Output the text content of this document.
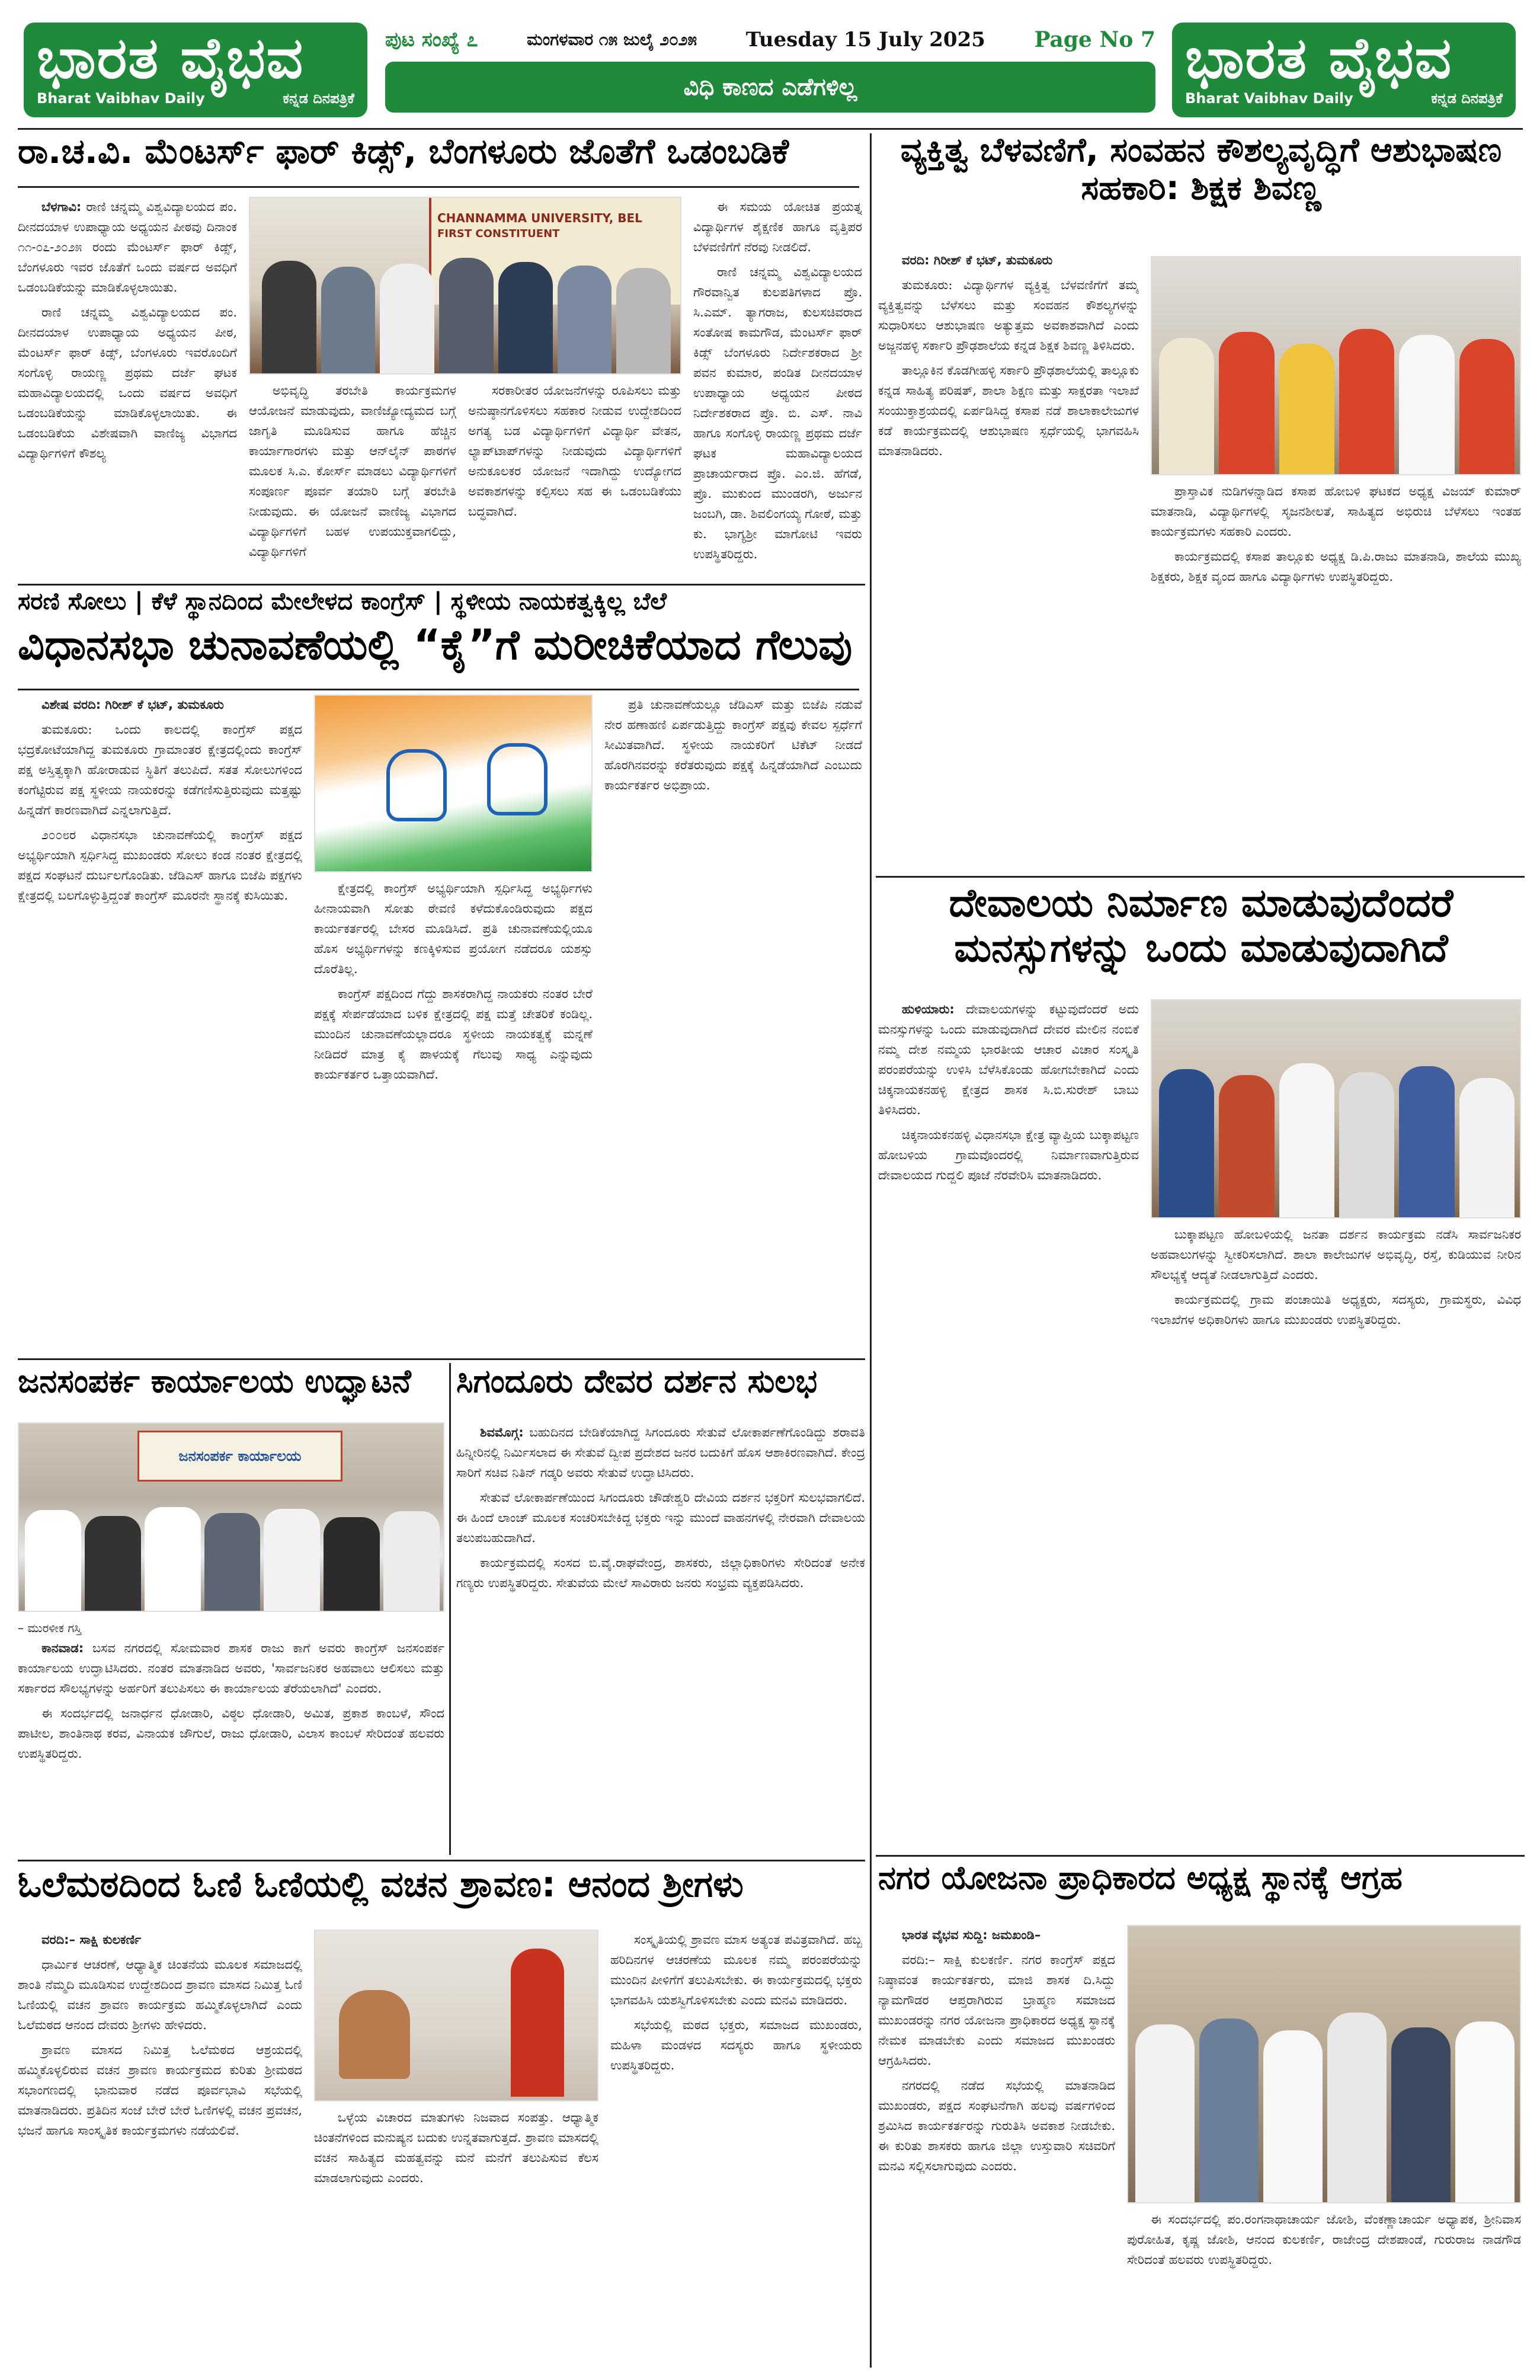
ಭಾರತ ವೈಭವ
Bharat Vaibhav Daily	ಕನ್ನಡ ದಿನಪತ್ರಿಕೆ
ಪುಟ ಸಂಖ್ಯೆ ೭	ಮಂಗಳವಾರ ೧೫ ಜುಲೈ ೨೦೨೫ Tuesday 15 July 2025 Page No 7
ವಿಧಿ ಕಾಣದ ಎಡೆಗಳಿಲ್ಲ	ಭಾರತ ವೈಭವ
Bharat Vaibhav Daily	ಕನ್ನಡ ದಿನಪತ್ರಿಕೆ
ರಾ.ಚ.ವಿ. ಮೆಂಟರ್ಸ್ ಫಾರ್ ಕಿಡ್ಸ್, ಬೆಂಗಳೂರು ಜೊತೆಗೆ ಒಡಂಬಡಿಕೆ

ಬೆಳಗಾವಿ: ರಾಣಿ ಚನ್ನಮ್ಮ ವಿಶ್ವವಿದ್ಯಾಲಯದ ಪಂ. ದೀನದಯಾಳ ಉಪಾಧ್ಯಾಯ ಅಧ್ಯಯನ ಪೀಠವು ದಿನಾಂಕ ೧೧-೦೭-೨೦೨೫ ರಂದು ಮೆಂಟರ್ಸ್ ಫಾರ್ ಕಿಡ್ಸ್, ಬೆಂಗಳೂರು ಇವರ ಜೊತೆಗೆ ಒಂದು ವರ್ಷದ ಅವಧಿಗೆ ಒಡಂಬಡಿಕೆಯನ್ನು ಮಾಡಿಕೊಳ್ಳಲಾಯಿತು.

ರಾಣಿ ಚನ್ನಮ್ಮ ವಿಶ್ವವಿದ್ಯಾಲಯದ ಪಂ. ದೀನದಯಾಳ ಉಪಾಧ್ಯಾಯ ಅಧ್ಯಯನ ಪೀಠ, ಮೆಂಟರ್ಸ್ ಫಾರ್ ಕಿಡ್ಸ್, ಬೆಂಗಳೂರು ಇವರೊಂದಿಗೆ ಸಂಗೊಳ್ಳಿ ರಾಯಣ್ಣ ಪ್ರಥಮ ದರ್ಜೆ ಘಟಕ ಮಹಾವಿದ್ಯಾಲಯದಲ್ಲಿ ಒಂದು ವರ್ಷದ ಅವಧಿಗೆ ಒಡಂಬಡಿಕೆಯನ್ನು ಮಾಡಿಕೊಳ್ಳಲಾಯಿತು. ಈ ಒಡಂಬಡಿಕೆಯ ವಿಶೇಷವಾಗಿ ವಾಣಿಜ್ಯ ವಿಭಾಗದ ವಿದ್ಯಾರ್ಥಿಗಳಿಗೆ ಕೌಶಲ್ಯ

CHANNAMMA UNIVERSITY, BEL
FIRST CONSTITUENT

ಅಭಿವೃದ್ಧಿ ತರಬೇತಿ ಕಾರ್ಯಕ್ರಮಗಳ ಆಯೋಜನೆ ಮಾಡುವುದು, ವಾಣಿಜ್ಯೋದ್ಯಮದ ಬಗ್ಗೆ ಜಾಗೃತಿ ಮೂಡಿಸುವ ಹಾಗೂ ಹೆಚ್ಚಿನ ಕಾರ್ಯಾಗಾರಗಳು ಮತ್ತು ಆನ್‌ಲೈನ್ ಪಾಠಗಳ ಮೂಲಕ ಸಿ.ಎ. ಕೋರ್ಸ್ ಮಾಡಲು ವಿದ್ಯಾರ್ಥಿಗಳಿಗೆ ಸಂಪೂರ್ಣ ಪೂರ್ವ ತಯಾರಿ ಬಗ್ಗೆ ತರಬೇತಿ ನೀಡುವುದು. ಈ ಯೋಜನೆ ವಾಣಿಜ್ಯ ವಿಭಾಗದ ವಿದ್ಯಾರ್ಥಿಗಳಿಗೆ ಬಹಳ ಉಪಯುಕ್ತವಾಗಲಿದ್ದು, ವಿದ್ಯಾರ್ಥಿಗಳಿಗೆ

ಸರಕಾರೀತರ ಯೋಜನೆಗಳನ್ನು ರೂಪಿಸಲು ಮತ್ತು ಅನುಷ್ಠಾನಗೊಳಿಸಲು ಸಹಕಾರ ನೀಡುವ ಉದ್ದೇಶದಿಂದ ಅಗತ್ಯ ಬಡ ವಿದ್ಯಾರ್ಥಿಗಳಿಗೆ ವಿದ್ಯಾರ್ಥಿ ವೇತನ, ಲ್ಯಾಪ್‌ಟಾಪ್‌ಗಳನ್ನು ನೀಡುವುದು ವಿದ್ಯಾರ್ಥಿಗಳಿಗೆ ಅನುಕೂಲಕರ ಯೋಜನೆ ಇದಾಗಿದ್ದು ಉದ್ಯೋಗದ ಅವಕಾಶಗಳನ್ನು ಕಲ್ಪಿಸಲು ಸಹ ಈ ಒಡಂಬಡಿಕೆಯು ಬದ್ಧವಾಗಿದೆ.

ಈ ಸಮಯ ಯೋಚಿತ ಪ್ರಯತ್ನ ವಿದ್ಯಾರ್ಥಿಗಳ ಶೈಕ್ಷಣಿಕ ಹಾಗೂ ವೃತ್ತಿಪರ ಬೆಳವಣಿಗೆಗೆ ನೆರವು ನೀಡಲಿದೆ.

ರಾಣಿ ಚನ್ನಮ್ಮ ವಿಶ್ವವಿದ್ಯಾಲಯದ ಗೌರವಾನ್ವಿತ ಕುಲಪತಿಗಳಾದ ಪ್ರೊ. ಸಿ.ಎಮ್. ತ್ಯಾಗರಾಜ, ಕುಲಸಚಿವರಾದ ಸಂತೋಷ ಕಾಮಗೌಡ, ಮೆಂಟರ್ಸ್ ಫಾರ್ ಕಿಡ್ಸ್ ಬೆಂಗಳೂರು ನಿರ್ದೇಶಕರಾದ ಶ್ರೀ ಪವನ ಕುಮಾರ, ಪಂಡಿತ ದೀನದಯಾಳ ಉಪಾಧ್ಯಾಯ ಅಧ್ಯಯನ ಪೀಠದ ನಿರ್ದೇಶಕರಾದ ಪ್ರೊ. ಬಿ. ಎಸ್. ನಾವಿ ಹಾಗೂ ಸಂಗೊಳ್ಳಿ ರಾಯಣ್ಣ ಪ್ರಥಮ ದರ್ಜೆ ಘಟಕ ಮಹಾವಿದ್ಯಾಲಯದ ಪ್ರಾಚಾರ್ಯರಾದ ಪ್ರೊ. ಎಂ.ಜಿ. ಹೆಗಡೆ, ಪ್ರೊ. ಮುಕುಂದ ಮುಂಡರಗಿ, ಅರ್ಜುನ ಜಂಬಗಿ, ಡಾ. ಶಿವಲಿಂಗಯ್ಯ ಗೋಠೆ, ಮತ್ತು ಕು. ಭಾಗ್ಯಶ್ರೀ ಮಾಗೋಟಿ ಇವರು ಉಪಸ್ಥಿತರಿದ್ದರು.

ಸರಣಿ ಸೋಲು | ಕೆಳೆ ಸ್ಥಾನದಿಂದ ಮೇಲೇಳದ ಕಾಂಗ್ರೆಸ್ | ಸ್ಥಳೀಯ ನಾಯಕತ್ವಕ್ಕಿಲ್ಲ ಬೆಲೆ
ವಿಧಾನಸಭಾ ಚುನಾವಣೆಯಲ್ಲಿ “ಕೈ”ಗೆ ಮರೀಚಿಕೆಯಾದ ಗೆಲುವು

ವಿಶೇಷ ವರದಿ: ಗಿರೀಶ್ ಕೆ ಭಟ್, ತುಮಕೂರು

ತುಮಕೂರು: ಒಂದು ಕಾಲದಲ್ಲಿ ಕಾಂಗ್ರೆಸ್ ಪಕ್ಷದ ಭದ್ರಕೋಟೆಯಾಗಿದ್ದ ತುಮಕೂರು ಗ್ರಾಮಾಂತರ ಕ್ಷೇತ್ರದಲ್ಲಿಂದು ಕಾಂಗ್ರೆಸ್ ಪಕ್ಷ ಅಸ್ತಿತ್ವಕ್ಕಾಗಿ ಹೋರಾಡುವ ಸ್ಥಿತಿಗೆ ತಲುಪಿದೆ. ಸತತ ಸೋಲುಗಳಿಂದ ಕಂಗೆಟ್ಟಿರುವ ಪಕ್ಷ ಸ್ಥಳೀಯ ನಾಯಕರನ್ನು ಕಡೆಗಣಿಸುತ್ತಿರುವುದು ಮತ್ತಷ್ಟು ಹಿನ್ನಡೆಗೆ ಕಾರಣವಾಗಿದೆ ಎನ್ನಲಾಗುತ್ತಿದೆ.

೨೦೦೮ರ ವಿಧಾನಸಭಾ ಚುನಾವಣೆಯಲ್ಲಿ ಕಾಂಗ್ರೆಸ್ ಪಕ್ಷದ ಅಭ್ಯರ್ಥಿಯಾಗಿ ಸ್ಪರ್ಧಿಸಿದ್ದ ಮುಖಂಡರು ಸೋಲು ಕಂಡ ನಂತರ ಕ್ಷೇತ್ರದಲ್ಲಿ ಪಕ್ಷದ ಸಂಘಟನೆ ದುರ್ಬಲಗೊಂಡಿತು. ಜೆಡಿಎಸ್ ಹಾಗೂ ಬಿಜೆಪಿ ಪಕ್ಷಗಳು ಕ್ಷೇತ್ರದಲ್ಲಿ ಬಲಗೊಳ್ಳುತ್ತಿದ್ದಂತೆ ಕಾಂಗ್ರೆಸ್ ಮೂರನೇ ಸ್ಥಾನಕ್ಕೆ ಕುಸಿಯಿತು.	ಕ್ಷೇತ್ರದಲ್ಲಿ ಕಾಂಗ್ರೆಸ್ ಅಭ್ಯರ್ಥಿಯಾಗಿ ಸ್ಪರ್ಧಿಸಿದ್ದ ಅಭ್ಯರ್ಥಿಗಳು ಹೀನಾಯವಾಗಿ ಸೋತು ಠೇವಣಿ ಕಳೆದುಕೊಂಡಿರುವುದು ಪಕ್ಷದ ಕಾರ್ಯಕರ್ತರಲ್ಲಿ ಬೇಸರ ಮೂಡಿಸಿದೆ. ಪ್ರತಿ ಚುನಾವಣೆಯಲ್ಲಿಯೂ ಹೊಸ ಅಭ್ಯರ್ಥಿಗಳನ್ನು ಕಣಕ್ಕಿಳಿಸುವ ಪ್ರಯೋಗ ನಡೆದರೂ ಯಶಸ್ಸು ದೊರೆತಿಲ್ಲ.

ಕಾಂಗ್ರೆಸ್ ಪಕ್ಷದಿಂದ ಗೆದ್ದು ಶಾಸಕರಾಗಿದ್ದ ನಾಯಕರು ನಂತರ ಬೇರೆ ಪಕ್ಷಕ್ಕೆ ಸೇರ್ಪಡೆಯಾದ ಬಳಿಕ ಕ್ಷೇತ್ರದಲ್ಲಿ ಪಕ್ಷ ಮತ್ತೆ ಚೇತರಿಕೆ ಕಂಡಿಲ್ಲ. ಮುಂದಿನ ಚುನಾವಣೆಯಲ್ಲಾದರೂ ಸ್ಥಳೀಯ ನಾಯಕತ್ವಕ್ಕೆ ಮನ್ನಣೆ ನೀಡಿದರೆ ಮಾತ್ರ ಕೈ ಪಾಳಯಕ್ಕೆ ಗೆಲುವು ಸಾಧ್ಯ ಎನ್ನುವುದು ಕಾರ್ಯಕರ್ತರ ಒತ್ತಾಯವಾಗಿದೆ.

ಪ್ರತಿ ಚುನಾವಣೆಯಲ್ಲೂ ಜೆಡಿಎಸ್ ಮತ್ತು ಬಿಜೆಪಿ ನಡುವೆ ನೇರ ಹಣಾಹಣಿ ಏರ್ಪಡುತ್ತಿದ್ದು ಕಾಂಗ್ರೆಸ್ ಪಕ್ಷವು ಕೇವಲ ಸ್ಪರ್ಧೆಗೆ ಸೀಮಿತವಾಗಿದೆ. ಸ್ಥಳೀಯ ನಾಯಕರಿಗೆ ಟಿಕೆಟ್ ನೀಡದೆ ಹೊರಗಿನವರನ್ನು ಕರೆತರುವುದು ಪಕ್ಷಕ್ಕೆ ಹಿನ್ನಡೆಯಾಗಿದೆ ಎಂಬುದು ಕಾರ್ಯಕರ್ತರ ಅಭಿಪ್ರಾಯ.

ಜನಸಂಪರ್ಕ ಕಾರ್ಯಾಲಯ ಉದ್ಘಾಟನೆ
ಜನಸಂಪರ್ಕ ಕಾರ್ಯಾಲಯ
– ಮುರಳೀಕ ಗಸ್ತಿ

ಕಾನವಾಡ: ಬಸವ ನಗರದಲ್ಲಿ ಸೋಮವಾರ ಶಾಸಕ ರಾಜು ಕಾಗೆ ಅವರು ಕಾಂಗ್ರೆಸ್ ಜನಸಂಪರ್ಕ ಕಾರ್ಯಾಲಯ ಉದ್ಘಾಟಿಸಿದರು. ನಂತರ ಮಾತನಾಡಿದ ಅವರು, 'ಸಾರ್ವಜನಿಕರ ಅಹವಾಲು ಆಲಿಸಲು ಮತ್ತು ಸರ್ಕಾರದ ಸೌಲಭ್ಯಗಳನ್ನು ಅರ್ಹರಿಗೆ ತಲುಪಿಸಲು ಈ ಕಾರ್ಯಾಲಯ ತೆರೆಯಲಾಗಿದೆ' ಎಂದರು.

ಈ ಸಂದರ್ಭದಲ್ಲಿ ಜನಾರ್ಧನ ಧೋಡಾರಿ, ವಿಠ್ಠಲ ಧೋಡಾರಿ, ಅಮಿತ, ಪ್ರಕಾಶ ಕಾಂಬಳೆ, ಸೌಂದ ಪಾಟೀಲ, ಶಾಂತಿನಾಥ ಕರವ, ವಿನಾಯಕ ಜೌಗುಲೆ, ರಾಜು ಧೋಡಾರಿ, ವಿಲಾಸ ಕಾಂಬಳೆ ಸೇರಿದಂತೆ ಹಲವರು ಉಪಸ್ಥಿತರಿದ್ದರು.

ಸಿಗಂದೂರು ದೇವರ ದರ್ಶನ ಸುಲಭ

ಶಿವಮೊಗ್ಗ: ಬಹುದಿನದ ಬೇಡಿಕೆಯಾಗಿದ್ದ ಸಿಗಂದೂರು ಸೇತುವೆ ಲೋಕಾರ್ಪಣೆಗೊಂಡಿದ್ದು ಶರಾವತಿ ಹಿನ್ನೀರಿನಲ್ಲಿ ನಿರ್ಮಿಸಲಾದ ಈ ಸೇತುವೆ ದ್ವೀಪ ಪ್ರದೇಶದ ಜನರ ಬದುಕಿಗೆ ಹೊಸ ಆಶಾಕಿರಣವಾಗಿದೆ. ಕೇಂದ್ರ ಸಾರಿಗೆ ಸಚಿವ ನಿತಿನ್ ಗಡ್ಕರಿ ಅವರು ಸೇತುವೆ ಉದ್ಘಾಟಿಸಿದರು.

ಸೇತುವೆ ಲೋಕಾರ್ಪಣೆಯಿಂದ ಸಿಗಂದೂರು ಚೌಡೇಶ್ವರಿ ದೇವಿಯ ದರ್ಶನ ಭಕ್ತರಿಗೆ ಸುಲಭವಾಗಲಿದೆ. ಈ ಹಿಂದೆ ಲಾಂಚ್ ಮೂಲಕ ಸಂಚರಿಸಬೇಕಿದ್ದ ಭಕ್ತರು ಇನ್ನು ಮುಂದೆ ವಾಹನಗಳಲ್ಲಿ ನೇರವಾಗಿ ದೇವಾಲಯ ತಲುಪಬಹುದಾಗಿದೆ.

ಕಾರ್ಯಕ್ರಮದಲ್ಲಿ ಸಂಸದ ಬಿ.ವೈ.ರಾಘವೇಂದ್ರ, ಶಾಸಕರು, ಜಿಲ್ಲಾಧಿಕಾರಿಗಳು ಸೇರಿದಂತೆ ಅನೇಕ ಗಣ್ಯರು ಉಪಸ್ಥಿತರಿದ್ದರು. ಸೇತುವೆಯ ಮೇಲೆ ಸಾವಿರಾರು ಜನರು ಸಂಭ್ರಮ ವ್ಯಕ್ತಪಡಿಸಿದರು.

ಓಲೆಮಠದಿಂದ ಓಣಿ ಓಣಿಯಲ್ಲಿ ವಚನ ಶ್ರಾವಣ: ಆನಂದ ಶ್ರೀಗಳು

ವರದಿ:– ಸಾಕ್ಷಿ ಕುಲಕರ್ಣಿ

ಧಾರ್ಮಿಕ ಆಚರಣೆ, ಆಧ್ಯಾತ್ಮಿಕ ಚಿಂತನೆಯ ಮೂಲಕ ಸಮಾಜದಲ್ಲಿ ಶಾಂತಿ ನೆಮ್ಮದಿ ಮೂಡಿಸುವ ಉದ್ದೇಶದಿಂದ ಶ್ರಾವಣ ಮಾಸದ ನಿಮಿತ್ತ ಓಣಿ ಓಣಿಯಲ್ಲಿ ವಚನ ಶ್ರಾವಣ ಕಾರ್ಯಕ್ರಮ ಹಮ್ಮಿಕೊಳ್ಳಲಾಗಿದೆ ಎಂದು ಓಲೆಮಠದ ಆನಂದ ದೇವರು ಶ್ರೀಗಳು ಹೇಳಿದರು.

ಶ್ರಾವಣ ಮಾಸದ ನಿಮಿತ್ತ ಓಲೆಮಠದ ಆಶ್ರಯದಲ್ಲಿ ಹಮ್ಮಿಕೊಳ್ಳಲಿರುವ ವಚನ ಶ್ರಾವಣ ಕಾರ್ಯಕ್ರಮದ ಕುರಿತು ಶ್ರೀಮಠದ ಸಭಾಂಗಣದಲ್ಲಿ ಭಾನುವಾರ ನಡೆದ ಪೂರ್ವಭಾವಿ ಸಭೆಯಲ್ಲಿ ಮಾತನಾಡಿದರು. ಪ್ರತಿದಿನ ಸಂಜೆ ಬೇರೆ ಬೇರೆ ಓಣಿಗಳಲ್ಲಿ ವಚನ ಪ್ರವಚನ, ಭಜನೆ ಹಾಗೂ ಸಾಂಸ್ಕೃತಿಕ ಕಾರ್ಯಕ್ರಮಗಳು ನಡೆಯಲಿವೆ.

ಒಳ್ಳೆಯ ವಿಚಾರದ ಮಾತುಗಳು ನಿಜವಾದ ಸಂಪತ್ತು. ಆಧ್ಯಾತ್ಮಿಕ ಚಿಂತನೆಗಳಿಂದ ಮನುಷ್ಯನ ಬದುಕು ಉನ್ನತವಾಗುತ್ತದೆ. ಶ್ರಾವಣ ಮಾಸದಲ್ಲಿ ವಚನ ಸಾಹಿತ್ಯದ ಮಹತ್ವವನ್ನು ಮನೆ ಮನೆಗೆ ತಲುಪಿಸುವ ಕೆಲಸ ಮಾಡಲಾಗುವುದು ಎಂದರು.

ಸಂಸ್ಕೃತಿಯಲ್ಲಿ ಶ್ರಾವಣ ಮಾಸ ಅತ್ಯಂತ ಪವಿತ್ರವಾಗಿದೆ. ಹಬ್ಬ ಹರಿದಿನಗಳ ಆಚರಣೆಯ ಮೂಲಕ ನಮ್ಮ ಪರಂಪರೆಯನ್ನು ಮುಂದಿನ ಪೀಳಿಗೆಗೆ ತಲುಪಿಸಬೇಕು. ಈ ಕಾರ್ಯಕ್ರಮದಲ್ಲಿ ಭಕ್ತರು ಭಾಗವಹಿಸಿ ಯಶಸ್ವಿಗೊಳಿಸಬೇಕು ಎಂದು ಮನವಿ ಮಾಡಿದರು.

ಸಭೆಯಲ್ಲಿ ಮಠದ ಭಕ್ತರು, ಸಮಾಜದ ಮುಖಂಡರು, ಮಹಿಳಾ ಮಂಡಳದ ಸದಸ್ಯರು ಹಾಗೂ ಸ್ಥಳೀಯರು ಉಪಸ್ಥಿತರಿದ್ದರು.

ವ್ಯಕ್ತಿತ್ವ ಬೆಳವಣಿಗೆ, ಸಂವಹನ ಕೌಶಲ್ಯವೃದ್ಧಿಗೆ ಆಶುಭಾಷಣ ಸಹಕಾರಿ: ಶಿಕ್ಷಕ ಶಿವಣ್ಣ

ವರದಿ: ಗಿರೀಶ್ ಕೆ ಭಟ್, ತುಮಕೂರು

ತುಮಕೂರು: ವಿದ್ಯಾರ್ಥಿಗಳ ವ್ಯಕ್ತಿತ್ವ ಬೆಳವಣಿಗೆಗೆ ತಮ್ಮ ವ್ಯಕ್ತಿತ್ವವನ್ನು ಬೆಳೆಸಲು ಮತ್ತು ಸಂವಹನ ಕೌಶಲ್ಯಗಳನ್ನು ಸುಧಾರಿಸಲು ಆಶುಭಾಷಣ ಅತ್ಯುತ್ತಮ ಅವಕಾಶವಾಗಿದೆ ಎಂದು ಅಜ್ಜನಹಳ್ಳಿ ಸರ್ಕಾರಿ ಪ್ರೌಢಶಾಲೆಯ ಕನ್ನಡ ಶಿಕ್ಷಕ ಶಿವಣ್ಣ ತಿಳಿಸಿದರು.

ತಾಲ್ಲೂಕಿನ ಕೊಡಗೀಹಳ್ಳಿ ಸರ್ಕಾರಿ ಪ್ರೌಢಶಾಲೆಯಲ್ಲಿ ತಾಲ್ಲೂಕು ಕನ್ನಡ ಸಾಹಿತ್ಯ ಪರಿಷತ್, ಶಾಲಾ ಶಿಕ್ಷಣ ಮತ್ತು ಸಾಕ್ಷರತಾ ಇಲಾಖೆ ಸಂಯುಕ್ತಾಶ್ರಯದಲ್ಲಿ ಏರ್ಪಡಿಸಿದ್ದ ಕಸಾಪ ನಡೆ ಶಾಲಾಕಾಲೇಜುಗಳ ಕಡೆ ಕಾರ್ಯಕ್ರಮದಲ್ಲಿ ಆಶುಭಾಷಣ ಸ್ಪರ್ಧೆಯಲ್ಲಿ ಭಾಗವಹಿಸಿ ಮಾತನಾಡಿದರು.

ಪ್ರಾಸ್ತಾವಿಕ ನುಡಿಗಳನ್ನಾಡಿದ ಕಸಾಪ ಹೋಬಳಿ ಘಟಕದ ಅಧ್ಯಕ್ಷ ವಿಜಯ್ ಕುಮಾರ್ ಮಾತನಾಡಿ, ವಿದ್ಯಾರ್ಥಿಗಳಲ್ಲಿ ಸೃಜನಶೀಲತೆ, ಸಾಹಿತ್ಯದ ಅಭಿರುಚಿ ಬೆಳೆಸಲು ಇಂತಹ ಕಾರ್ಯಕ್ರಮಗಳು ಸಹಕಾರಿ ಎಂದರು.

ಕಾರ್ಯಕ್ರಮದಲ್ಲಿ ಕಸಾಪ ತಾಲ್ಲೂಕು ಅಧ್ಯಕ್ಷ ಡಿ.ಪಿ.ರಾಜು ಮಾತನಾಡಿ, ಶಾಲೆಯ ಮುಖ್ಯ ಶಿಕ್ಷಕರು, ಶಿಕ್ಷಕ ವೃಂದ ಹಾಗೂ ವಿದ್ಯಾರ್ಥಿಗಳು ಉಪಸ್ಥಿತರಿದ್ದರು.

ದೇವಾಲಯ ನಿರ್ಮಾಣ ಮಾಡುವುದೆಂದರೆ ಮನಸ್ಸುಗಳನ್ನು ಒಂದು ಮಾಡುವುದಾಗಿದೆ

ಹುಳಿಯಾರು: ದೇವಾಲಯಗಳನ್ನು ಕಟ್ಟುವುದೆಂದರೆ ಅದು ಮನಸ್ಸುಗಳನ್ನು ಒಂದು ಮಾಡುವುದಾಗಿದೆ ದೇವರ ಮೇಲಿನ ನಂಬಿಕೆ ನಮ್ಮ ದೇಶ ನಮ್ಮಯ ಭಾರತೀಯ ಆಚಾರ ವಿಚಾರ ಸಂಸ್ಕೃತಿ ಪರಂಪರೆಯನ್ನು ಉಳಿಸಿ ಬೆಳೆಸಿಕೊಂಡು ಹೋಗಬೇಕಾಗಿದೆ ಎಂದು ಚಿಕ್ಕನಾಯಕನಹಳ್ಳಿ ಕ್ಷೇತ್ರದ ಶಾಸಕ ಸಿ.ಬಿ.ಸುರೇಶ್ ಬಾಬು ತಿಳಿಸಿದರು.

ಚಿಕ್ಕನಾಯಕನಹಳ್ಳಿ ವಿಧಾನಸಭಾ ಕ್ಷೇತ್ರ ವ್ಯಾಪ್ತಿಯ ಬುಕ್ಕಾಪಟ್ಟಣ ಹೋಬಳಿಯ ಗ್ರಾಮವೊಂದರಲ್ಲಿ ನಿರ್ಮಾಣವಾಗುತ್ತಿರುವ ದೇವಾಲಯದ ಗುದ್ದಲಿ ಪೂಜೆ ನೆರವೇರಿಸಿ ಮಾತನಾಡಿದರು.

ಬುಕ್ಕಾಪಟ್ಟಣ ಹೋಬಳಿಯಲ್ಲಿ ಜನತಾ ದರ್ಶನ ಕಾರ್ಯಕ್ರಮ ನಡೆಸಿ ಸಾರ್ವಜನಿಕರ ಅಹವಾಲುಗಳನ್ನು ಸ್ವೀಕರಿಸಲಾಗಿದೆ. ಶಾಲಾ ಕಾಲೇಜುಗಳ ಅಭಿವೃದ್ಧಿ, ರಸ್ತೆ, ಕುಡಿಯುವ ನೀರಿನ ಸೌಲಭ್ಯಕ್ಕೆ ಆದ್ಯತೆ ನೀಡಲಾಗುತ್ತಿದೆ ಎಂದರು.

ಕಾರ್ಯಕ್ರಮದಲ್ಲಿ ಗ್ರಾಮ ಪಂಚಾಯಿತಿ ಅಧ್ಯಕ್ಷರು, ಸದಸ್ಯರು, ಗ್ರಾಮಸ್ಥರು, ವಿವಿಧ ಇಲಾಖೆಗಳ ಅಧಿಕಾರಿಗಳು ಹಾಗೂ ಮುಖಂಡರು ಉಪಸ್ಥಿತರಿದ್ದರು.

ನಗರ ಯೋಜನಾ ಪ್ರಾಧಿಕಾರದ ಅಧ್ಯಕ್ಷ ಸ್ಥಾನಕ್ಕೆ ಆಗ್ರಹ

ಭಾರತ ವೈಭವ ಸುದ್ದಿ: ಜಮಖಂಡಿ–

ವರದಿ:– ಸಾಕ್ಷಿ ಕುಲಕರ್ಣಿ. ನಗರ ಕಾಂಗ್ರೆಸ್ ಪಕ್ಷದ ನಿಷ್ಠಾವಂತ ಕಾರ್ಯಕರ್ತರು, ಮಾಜಿ ಶಾಸಕ ದಿ.ಸಿದ್ದು ನ್ಯಾಮಗೌಡರ ಆಪ್ತರಾಗಿರುವ ಬ್ರಾಹ್ಮಣ ಸಮಾಜದ ಮುಖಂಡರನ್ನು ನಗರ ಯೋಜನಾ ಪ್ರಾಧಿಕಾರದ ಅಧ್ಯಕ್ಷ ಸ್ಥಾನಕ್ಕೆ ನೇಮಕ ಮಾಡಬೇಕು ಎಂದು ಸಮಾಜದ ಮುಖಂಡರು ಆಗ್ರಹಿಸಿದರು.

ನಗರದಲ್ಲಿ ನಡೆದ ಸಭೆಯಲ್ಲಿ ಮಾತನಾಡಿದ ಮುಖಂಡರು, ಪಕ್ಷದ ಸಂಘಟನೆಗಾಗಿ ಹಲವು ವರ್ಷಗಳಿಂದ ಶ್ರಮಿಸಿದ ಕಾರ್ಯಕರ್ತರನ್ನು ಗುರುತಿಸಿ ಅವಕಾಶ ನೀಡಬೇಕು. ಈ ಕುರಿತು ಶಾಸಕರು ಹಾಗೂ ಜಿಲ್ಲಾ ಉಸ್ತುವಾರಿ ಸಚಿವರಿಗೆ ಮನವಿ ಸಲ್ಲಿಸಲಾಗುವುದು ಎಂದರು.

ಈ ಸಂದರ್ಭದಲ್ಲಿ ಪಂ.ರಂಗನಾಥಾಚಾರ್ಯ ಜೋಶಿ, ವೆಂಕಣ್ಣಾಚಾರ್ಯ ಅಧ್ಯಾಪಕ, ಶ್ರೀನಿವಾಸ ಪುರೋಹಿತ, ಕೃಷ್ಣ ಜೋಶಿ, ಆನಂದ ಕುಲಕರ್ಣಿ, ರಾಜೇಂದ್ರ ದೇಶಪಾಂಡೆ, ಗುರುರಾಜ ನಾಡಗೌಡ ಸೇರಿದಂತೆ ಹಲವರು ಉಪಸ್ಥಿತರಿದ್ದರು.
